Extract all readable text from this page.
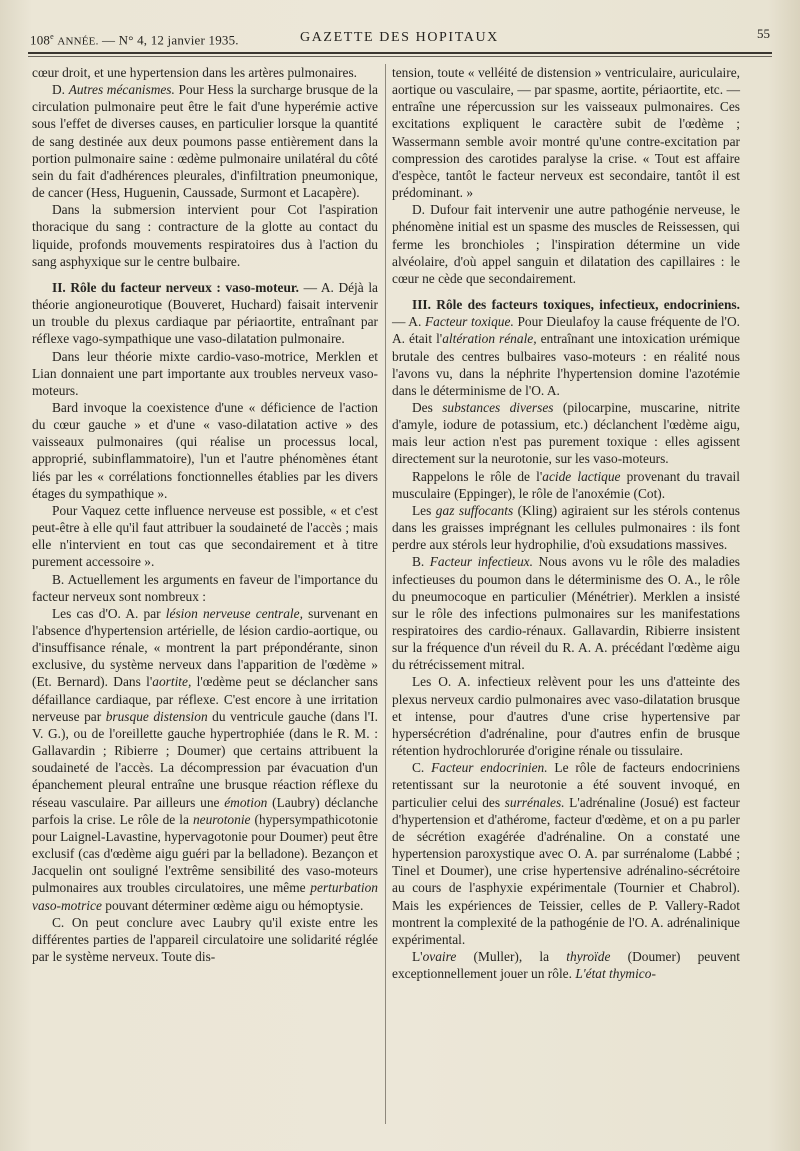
108e ANNÉE. — N° 4, 12 janvier 1935.	GAZETTE DES HOPITAUX	55

cœur droit, et une hypertension dans les artères pulmonaires.

D. Autres mécanismes. Pour Hess la surcharge brusque de la circulation pulmonaire peut être le fait d'une hyperémie active sous l'effet de diverses causes, en particulier lorsque la quantité de sang destinée aux deux poumons passe entièrement dans la portion pulmonaire saine : œdème pulmonaire unilatéral du côté sein du fait d'adhérences pleurales, d'infiltration pneumonique, de cancer (Hess, Huguenin, Caussade, Surmont et Lacapère).

Dans la submersion intervient pour Cot l'aspiration thoracique du sang : contracture de la glotte au contact du liquide, profonds mouvements respiratoires dus à l'action du sang asphyxique sur le centre bulbaire.

II. Rôle du facteur nerveux : vaso-moteur. — A. Déjà la théorie angioneurotique (Bouveret, Huchard) faisait intervenir un trouble du plexus cardiaque par périaortite, entraînant par réflexe vago-sympathique une vaso-dilatation pulmonaire.

Dans leur théorie mixte cardio-vaso-motrice, Merklen et Lian donnaient une part importante aux troubles nerveux vaso-moteurs.

Bard invoque la coexistence d'une « déficience de l'action du cœur gauche » et d'une « vaso-dilatation active » des vaisseaux pulmonaires (qui réalise un processus local, approprié, subinflammatoire), l'un et l'autre phénomènes étant liés par les « corrélations fonctionnelles établies par les divers étages du sympathique ».

Pour Vaquez cette influence nerveuse est possible, « et c'est peut-être à elle qu'il faut attribuer la soudaineté de l'accès ; mais elle n'intervient en tout cas que secondairement et à titre purement accessoire ».

B. Actuellement les arguments en faveur de l'importance du facteur nerveux sont nombreux :

Les cas d'O. A. par lésion nerveuse centrale, survenant en l'absence d'hypertension artérielle, de lésion cardio-aortique, ou d'insuffisance rénale, « montrent la part prépondérante, sinon exclusive, du système nerveux dans l'apparition de l'œdème » (Et. Bernard). Dans l'aortite, l'œdème peut se déclancher sans défaillance cardiaque, par réflexe. C'est encore à une irritation nerveuse par brusque distension du ventricule gauche (dans l'I. V. G.), ou de l'oreillette gauche hypertrophiée (dans le R. M. : Gallavardin ; Ribierre ; Doumer) que certains attribuent la soudaineté de l'accès. La décompression par évacuation d'un épanchement pleural entraîne une brusque réaction réflexe du réseau vasculaire. Par ailleurs une émotion (Laubry) déclanche parfois la crise. Le rôle de la neurotonie (hypersympathicotonie pour Laignel-Lavastine, hypervagotonie pour Doumer) peut être exclusif (cas d'œdème aigu guéri par la belladone). Bezançon et Jacquelin ont souligné l'extrême sensibilité des vaso-moteurs pulmonaires aux troubles circulatoires, une même perturbation vaso-motrice pouvant déterminer œdème aigu ou hémoptysie.

C. On peut conclure avec Laubry qu'il existe entre les différentes parties de l'appareil circulatoire une solidarité réglée par le système nerveux. Toute dis-

tension, toute « velléité de distension » ventriculaire, auriculaire, aortique ou vasculaire, — par spasme, aortite, périaortite, etc. — entraîne une répercussion sur les vaisseaux pulmonaires. Ces excitations expliquent le caractère subit de l'œdème ; Wassermann semble avoir montré qu'une contre-excitation par compression des carotides paralyse la crise. « Tout est affaire d'espèce, tantôt le facteur nerveux est secondaire, tantôt il est prédominant. »

D. Dufour fait intervenir une autre pathogénie nerveuse, le phénomène initial est un spasme des muscles de Reissessen, qui ferme les bronchioles ; l'inspiration détermine un vide alvéolaire, d'où appel sanguin et dilatation des capillaires : le cœur ne cède que secondairement.

III. Rôle des facteurs toxiques, infectieux, endocriniens. — A. Facteur toxique. Pour Dieulafoy la cause fréquente de l'O. A. était l'altération rénale, entraînant une intoxication urémique brutale des centres bulbaires vaso-moteurs : en réalité nous l'avons vu, dans la néphrite l'hypertension domine l'azotémie dans le déterminisme de l'O. A.

Des substances diverses (pilocarpine, muscarine, nitrite d'amyle, iodure de potassium, etc.) déclanchent l'œdème aigu, mais leur action n'est pas purement toxique : elles agissent directement sur la neurotonie, sur les vaso-moteurs.

Rappelons le rôle de l'acide lactique provenant du travail musculaire (Eppinger), le rôle de l'anoxémie (Cot).

Les gaz suffocants (Kling) agiraient sur les stérols contenus dans les graisses imprégnant les cellules pulmonaires : ils font perdre aux stérols leur hydrophilie, d'où exsudations massives.

B. Facteur infectieux. Nous avons vu le rôle des maladies infectieuses du poumon dans le déterminisme des O. A., le rôle du pneumocoque en particulier (Ménétrier). Merklen a insisté sur le rôle des infections pulmonaires sur les manifestations respiratoires des cardio-rénaux. Gallavardin, Ribierre insistent sur la fréquence d'un réveil du R. A. A. précédant l'œdème aigu du rétrécissement mitral.

Les O. A. infectieux relèvent pour les uns d'atteinte des plexus nerveux cardio pulmonaires avec vaso-dilatation brusque et intense, pour d'autres d'une crise hypertensive par hypersécrétion d'adrénaline, pour d'autres enfin de brusque rétention hydrochlorurée d'origine rénale ou tissulaire.

C. Facteur endocrinien. Le rôle de facteurs endocriniens retentissant sur la neurotonie a été souvent invoqué, en particulier celui des surrénales. L'adrénaline (Josué) est facteur d'hypertension et d'athérome, facteur d'œdème, et on a pu parler de sécrétion exagérée d'adrénaline. On a constaté une hypertension paroxystique avec O. A. par surrénalome (Labbé ; Tinel et Doumer), une crise hypertensive adrénalino-sécrétoire au cours de l'asphyxie expérimentale (Tournier et Chabrol). Mais les expériences de Teissier, celles de P. Vallery-Radot montrent la complexité de la pathogénie de l'O. A. adrénalinique expérimental.

L'ovaire (Muller), la thyroïde (Doumer) peuvent exceptionnellement jouer un rôle. L'état thymico-
